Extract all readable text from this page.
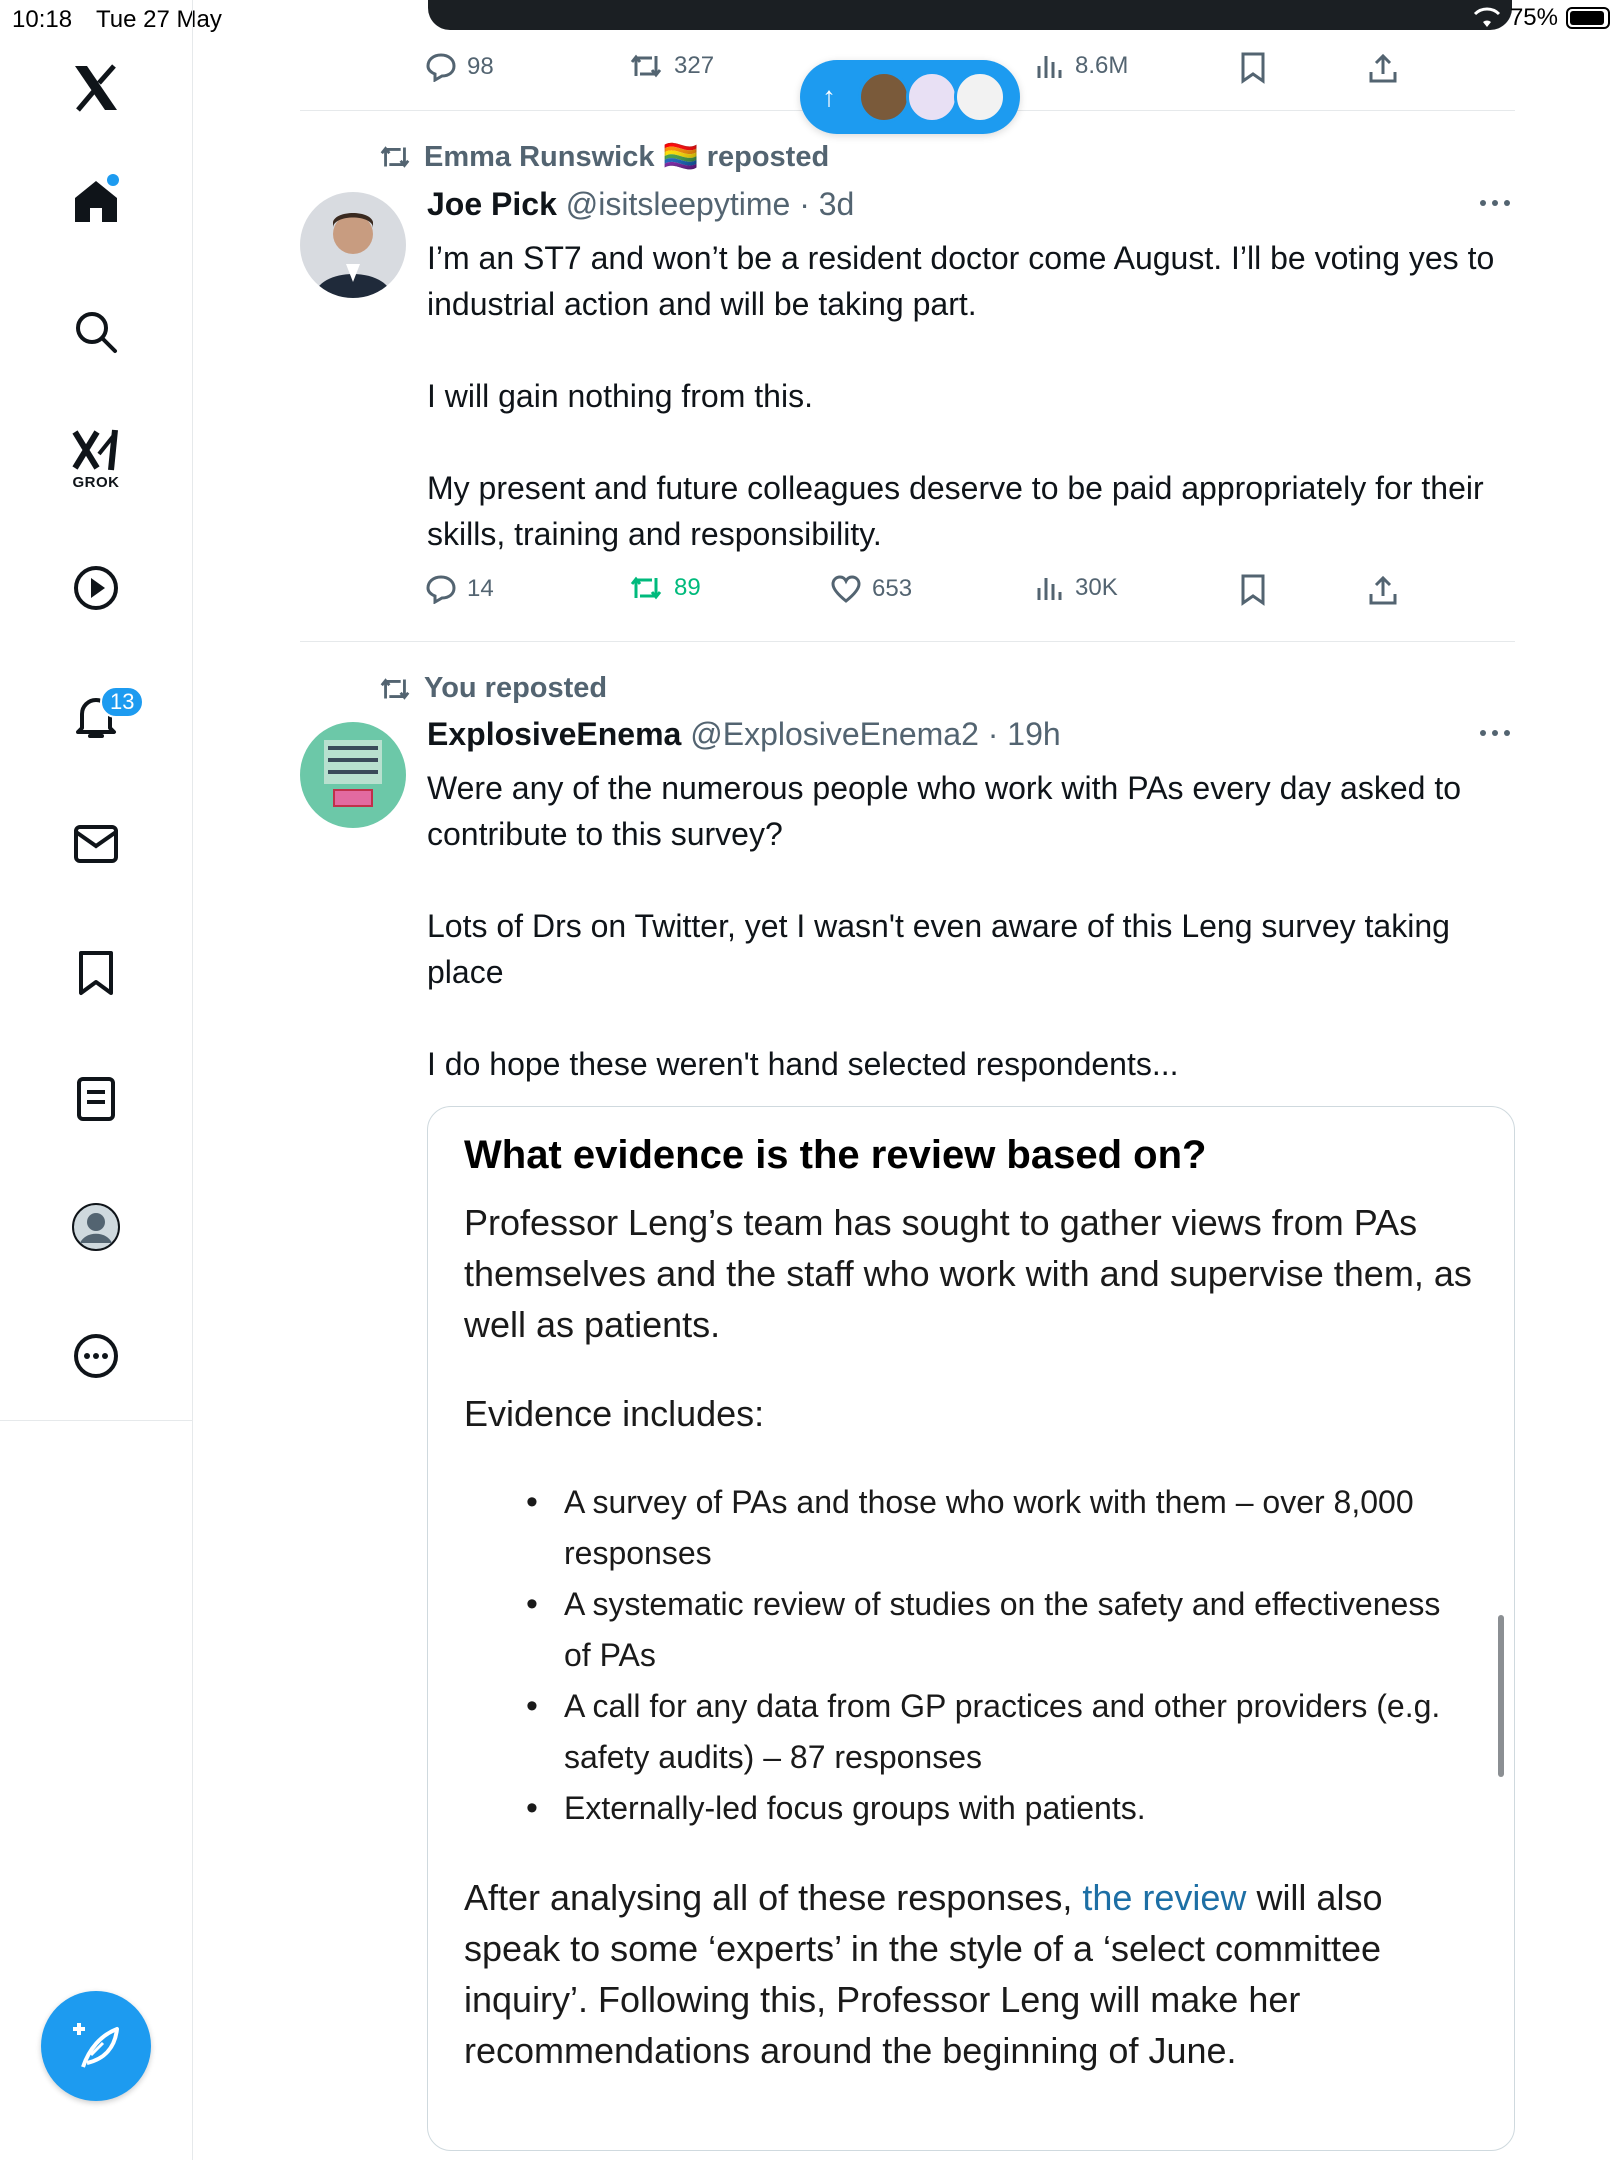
10:18 Tue 27 May	75%
GROK
13
98	327	8.6M
↑
Emma Runswick 🏳️‍🌈 reposted
Joe Pick @isitsleepytime · 3d

I’m an ST7 and won’t be a resident doctor come August. I’ll be voting yes to industrial action and will be taking part.

I will gain nothing from this.

My present and future colleagues deserve to be paid appropriately for their skills, training and responsibility.

14	89	653	30K
You reposted
ExplosiveEnema @ExplosiveEnema2 · 19h

Were any of the numerous people who work with PAs every day asked to contribute to this survey?

Lots of Drs on Twitter, yet I wasn't even aware of this Leng survey taking place

I do hope these weren't hand selected respondents...

What evidence is the review based on?
Professor Leng’s team has sought to gather views from PAs themselves and the staff who work with and supervise them, as well as patients.
Evidence includes:
• A survey of PAs and those who work with them – over 8,000 responses
• A systematic review of studies on the safety and effectiveness of PAs
• A call for any data from GP practices and other providers (e.g. safety audits) – 87 responses
• Externally-led focus groups with patients.
After analysing all of these responses, the review will also speak to some ‘experts’ in the style of a ‘select committee inquiry’. Following this, Professor Leng will make her recommendations around the beginning of June.
